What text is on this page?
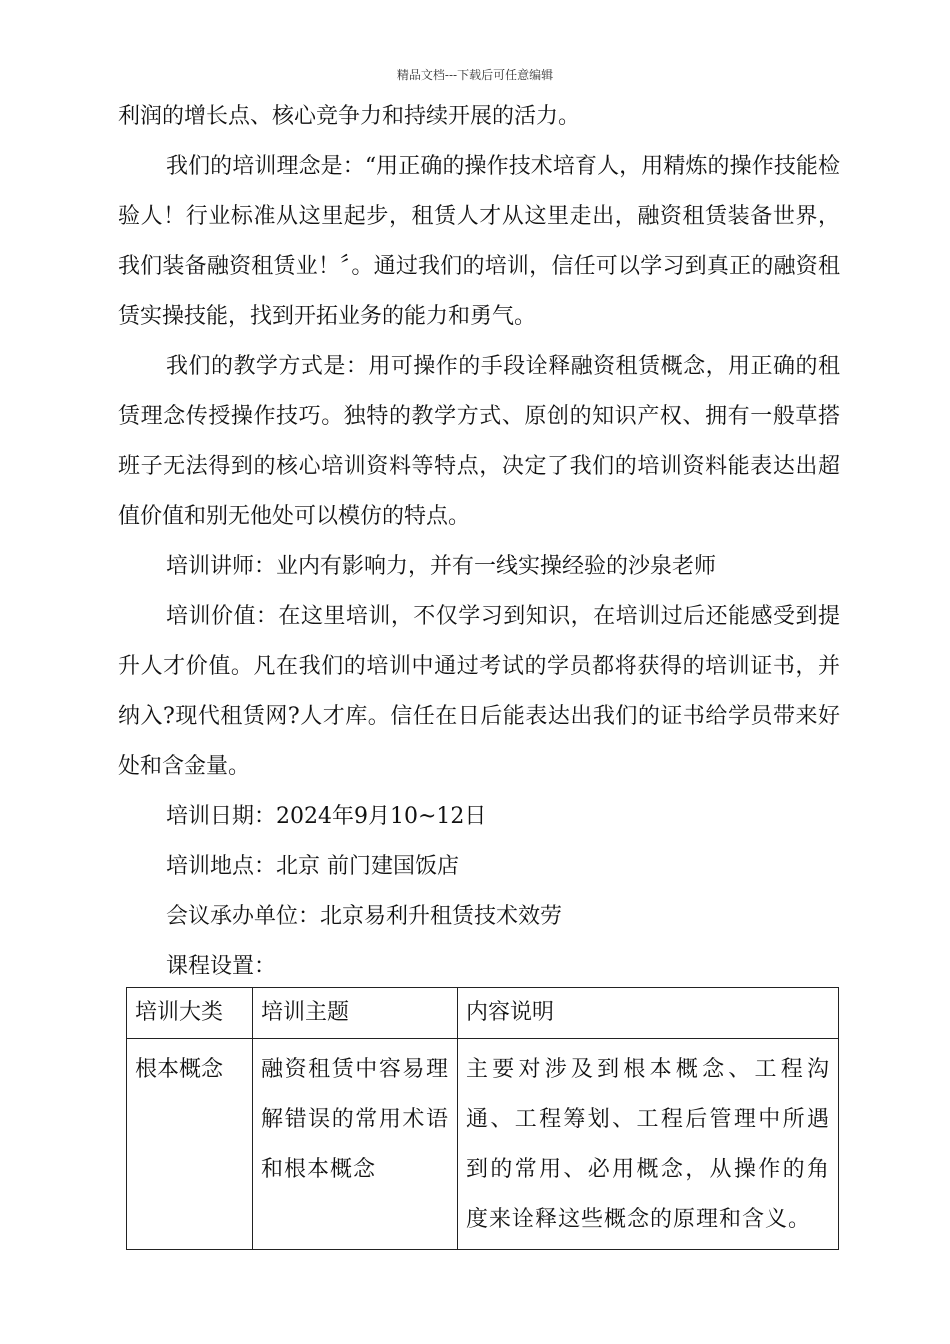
精品文档---下载后可任意编辑

利润的增长点、核心竞争力和持续开展的活力。

我们的培训理念是：“用正确的操作技术培育人，用精炼的操作技能检验人！行业标准从这里起步，租赁人才从这里走出，融资租赁装备世界，我们装备融资租赁业！〞。通过我们的培训，信任可以学习到真正的融资租赁实操技能，找到开拓业务的能力和勇气。

我们的教学方式是：用可操作的手段诠释融资租赁概念，用正确的租赁理念传授操作技巧。独特的教学方式、原创的知识产权、拥有一般草搭班子无法得到的核心培训资料等特点，决定了我们的培训资料能表达出超值价值和别无他处可以模仿的特点。

培训讲师：业内有影响力，并有一线实操经验的沙泉老师

培训价值：在这里培训，不仅学习到知识，在培训过后还能感受到提升人才价值。凡在我们的培训中通过考试的学员都将获得的培训证书，并纳入?现代租赁网?人才库。信任在日后能表达出我们的证书给学员带来好处和含金量。

培训日期：2024年9月10~12日

培训地点：北京 前门建国饭店

会议承办单位：北京易利升租赁技术效劳

课程设置：

培训大类	培训主题	内容说明
根本概念	融资租赁中容易理解错误的常用术语和根本概念	主要对涉及到根本概念、工程沟通、工程筹划、工程后管理中所遇到的常用、必用概念，从操作的角度来诠释这些概念的原理和含义。
